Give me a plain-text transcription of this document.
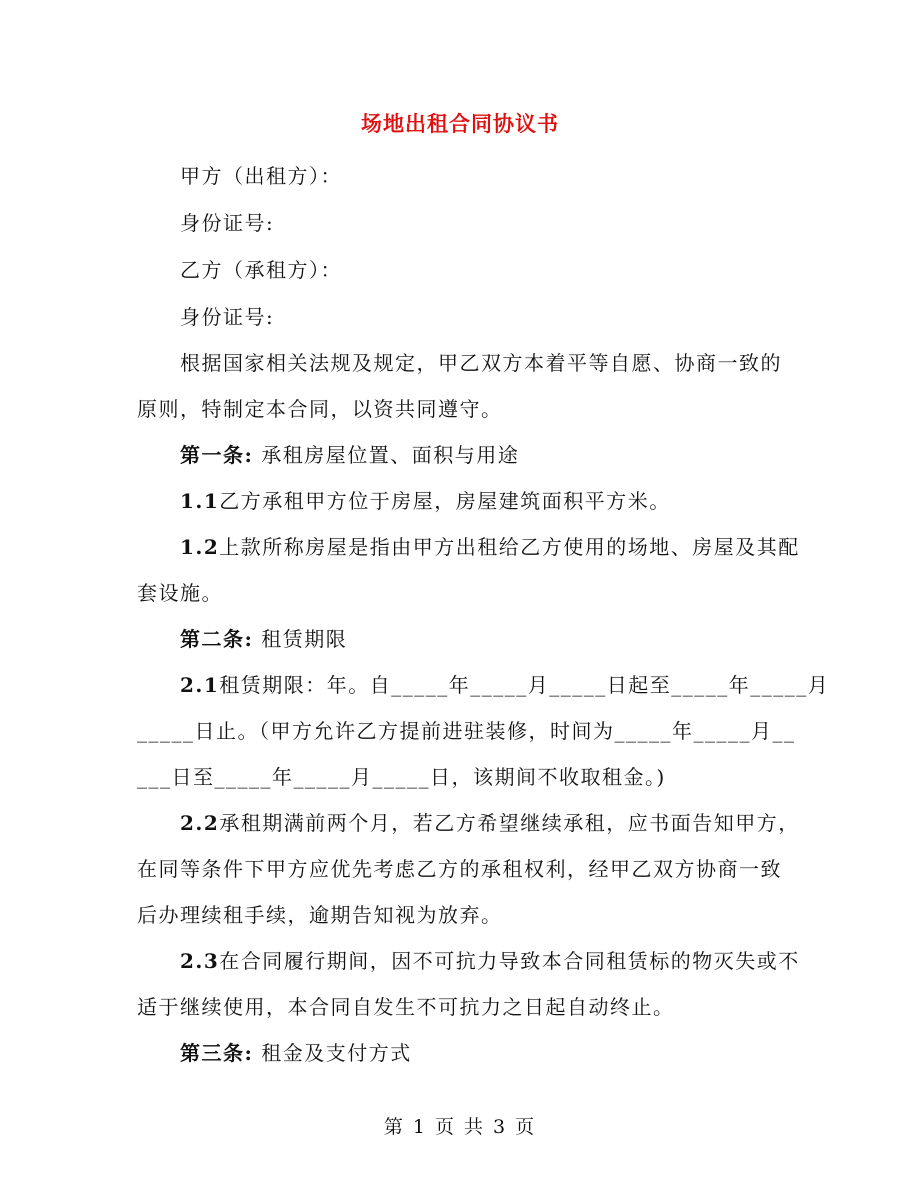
场地出租合同协议书
甲方（出租方）：
身份证号:
乙方（承租方）：
身份证号:
根据国家相关法规及规定，甲乙双方本着平等自愿、协商一致的
原则，特制定本合同，以资共同遵守。
第一条: 承租房屋位置、面积与用途
1.1乙方承租甲方位于房屋，房屋建筑面积平方米。
1.2上款所称房屋是指由甲方出租给乙方使用的场地、房屋及其配
套设施。
第二条: 租赁期限
2.1租赁期限：年。自_____年_____月_____日起至_____年_____月
_____日止。（甲方允许乙方提前进驻装修，时间为_____年_____月__
___日至_____年_____月_____日，该期间不收取租金。)
2.2承租期满前两个月，若乙方希望继续承租，应书面告知甲方，
在同等条件下甲方应优先考虑乙方的承租权利，经甲乙双方协商一致
后办理续租手续，逾期告知视为放弃。
2.3在合同履行期间，因不可抗力导致本合同租赁标的物灭失或不
适于继续使用，本合同自发生不可抗力之日起自动终止。
第三条: 租金及支付方式
第 1 页 共 3 页
